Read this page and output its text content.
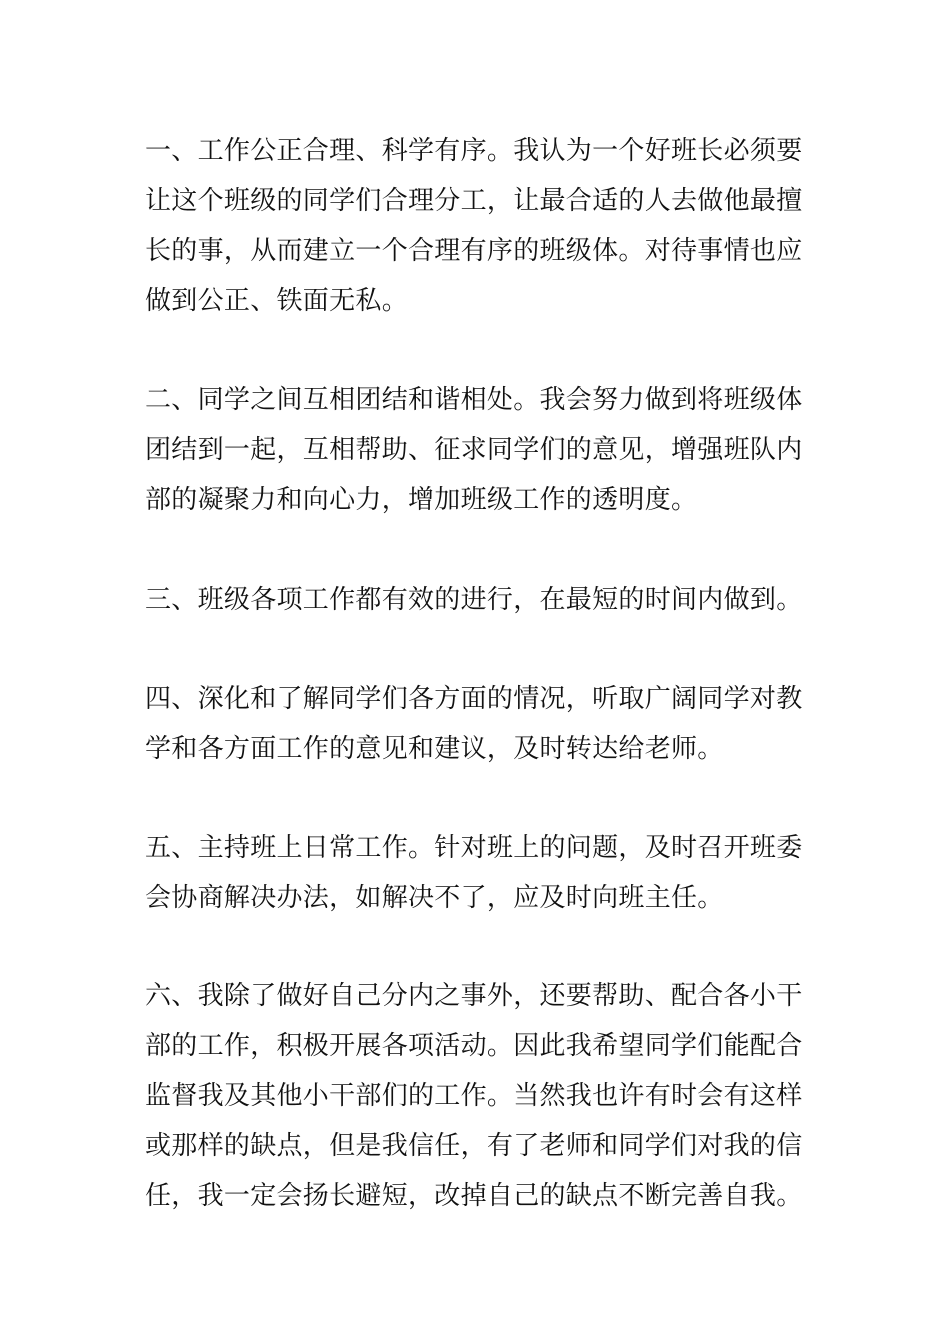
一、工作公正合理、科学有序。我认为一个好班长必须要让这个班级的同学们合理分工，让最合适的人去做他最擅长的事，从而建立一个合理有序的班级体。对待事情也应做到公正、铁面无私。

二、同学之间互相团结和谐相处。我会努力做到将班级体团结到一起，互相帮助、征求同学们的意见，增强班队内部的凝聚力和向心力，增加班级工作的透明度。

三、班级各项工作都有效的进行，在最短的时间内做到。

四、深化和了解同学们各方面的情况，听取广阔同学对教学和各方面工作的意见和建议，及时转达给老师。

五、主持班上日常工作。针对班上的问题，及时召开班委会协商解决办法，如解决不了，应及时向班主任。

六、我除了做好自己分内之事外，还要帮助、配合各小干部的工作，积极开展各项活动。因此我希望同学们能配合监督我及其他小干部们的工作。当然我也许有时会有这样或那样的缺点，但是我信任，有了老师和同学们对我的信任，我一定会扬长避短，改掉自己的缺点不断完善自我。
